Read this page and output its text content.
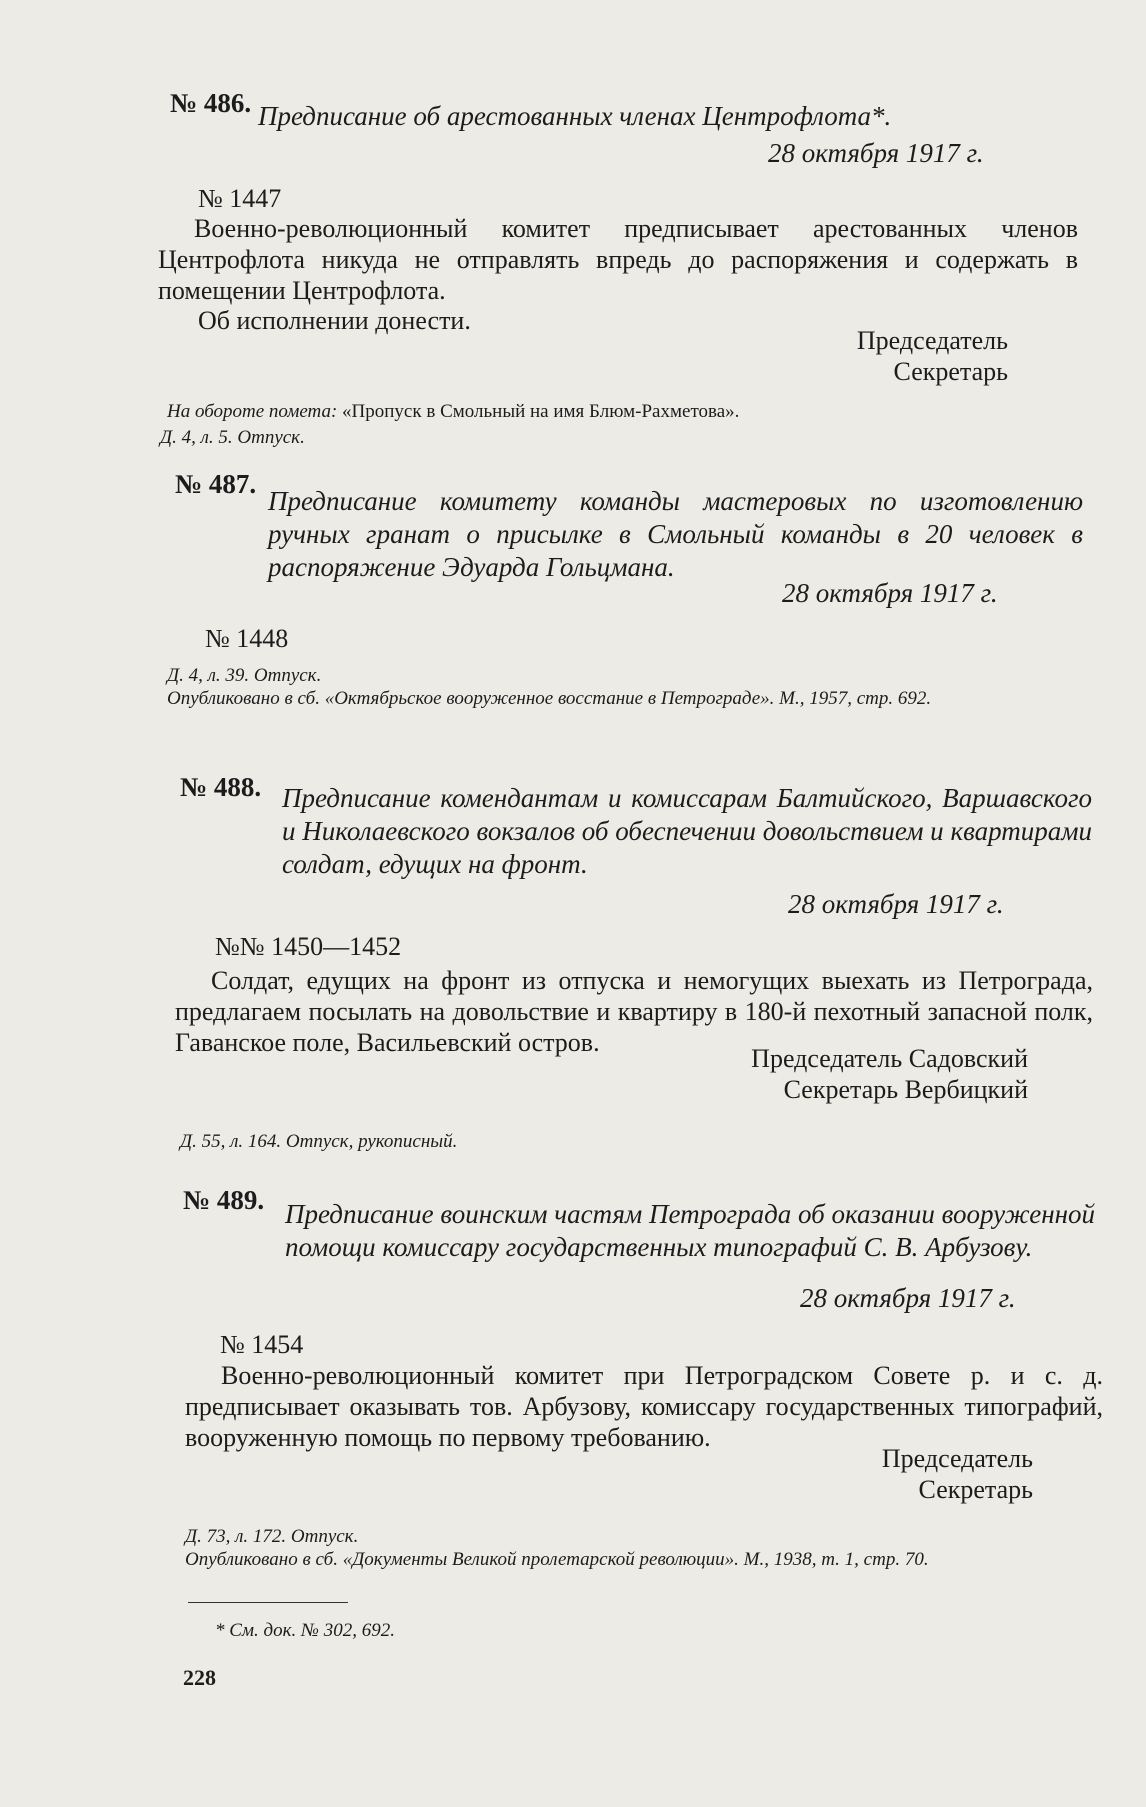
№ 486. Предписание об арестованных членах Центрофлота*.
28 октября 1917 г.
№ 1447

Военно-революционный комитет предписывает арестованных членов Центрофлота никуда не отправлять впредь до распоряжения и содержать в помещении Центрофлота.

Об исполнении донести.
Председатель
Секретарь
На обороте помета: «Пропуск в Смольный на имя Блюм-Рахметова».
Д. 4, л. 5. Отпуск.
№ 487.
Предписание комитету команды мастеровых по изготовлению ручных гранат о присылке в Смольный команды в 20 человек в распоряжение Эдуарда Гольцмана.
28 октября 1917 г.
№ 1448
Д. 4, л. 39. Отпуск.
Опубликовано в сб. «Октябрьское вооруженное восстание в Петрограде». М., 1957, стр. 692.
№ 488. Предписание комендантам и комиссарам Балтийского, Варшавского и Николаевского вокзалов об обеспечении довольствием и квартирами солдат, едущих на фронт.
28 октября 1917 г.
№№ 1450—1452

Солдат, едущих на фронт из отпуска и немогущих выехать из Петрограда, предлагаем посылать на довольствие и квартиру в 180-й пехотный запасной полк, Гаванское поле, Васильевский остров.

Председатель Садовский
Секретарь Вербицкий
Д. 55, л. 164. Отпуск, рукописный.
№ 489. Предписание воинским частям Петрограда об оказании вооруженной помощи комиссару государственных типографий С. В. Арбузову.
28 октября 1917 г.
№ 1454

Военно-революционный комитет при Петроградском Совете р. и с. д. предписывает оказывать тов. Арбузову, комиссару государственных типографий, вооруженную помощь по первому требованию.

Председатель
Секретарь
Д. 73, л. 172. Отпуск.
Опубликовано в сб. «Документы Великой пролетарской революции». М., 1938, т. 1, стр. 70.
* См. док. № 302, 692.
228
